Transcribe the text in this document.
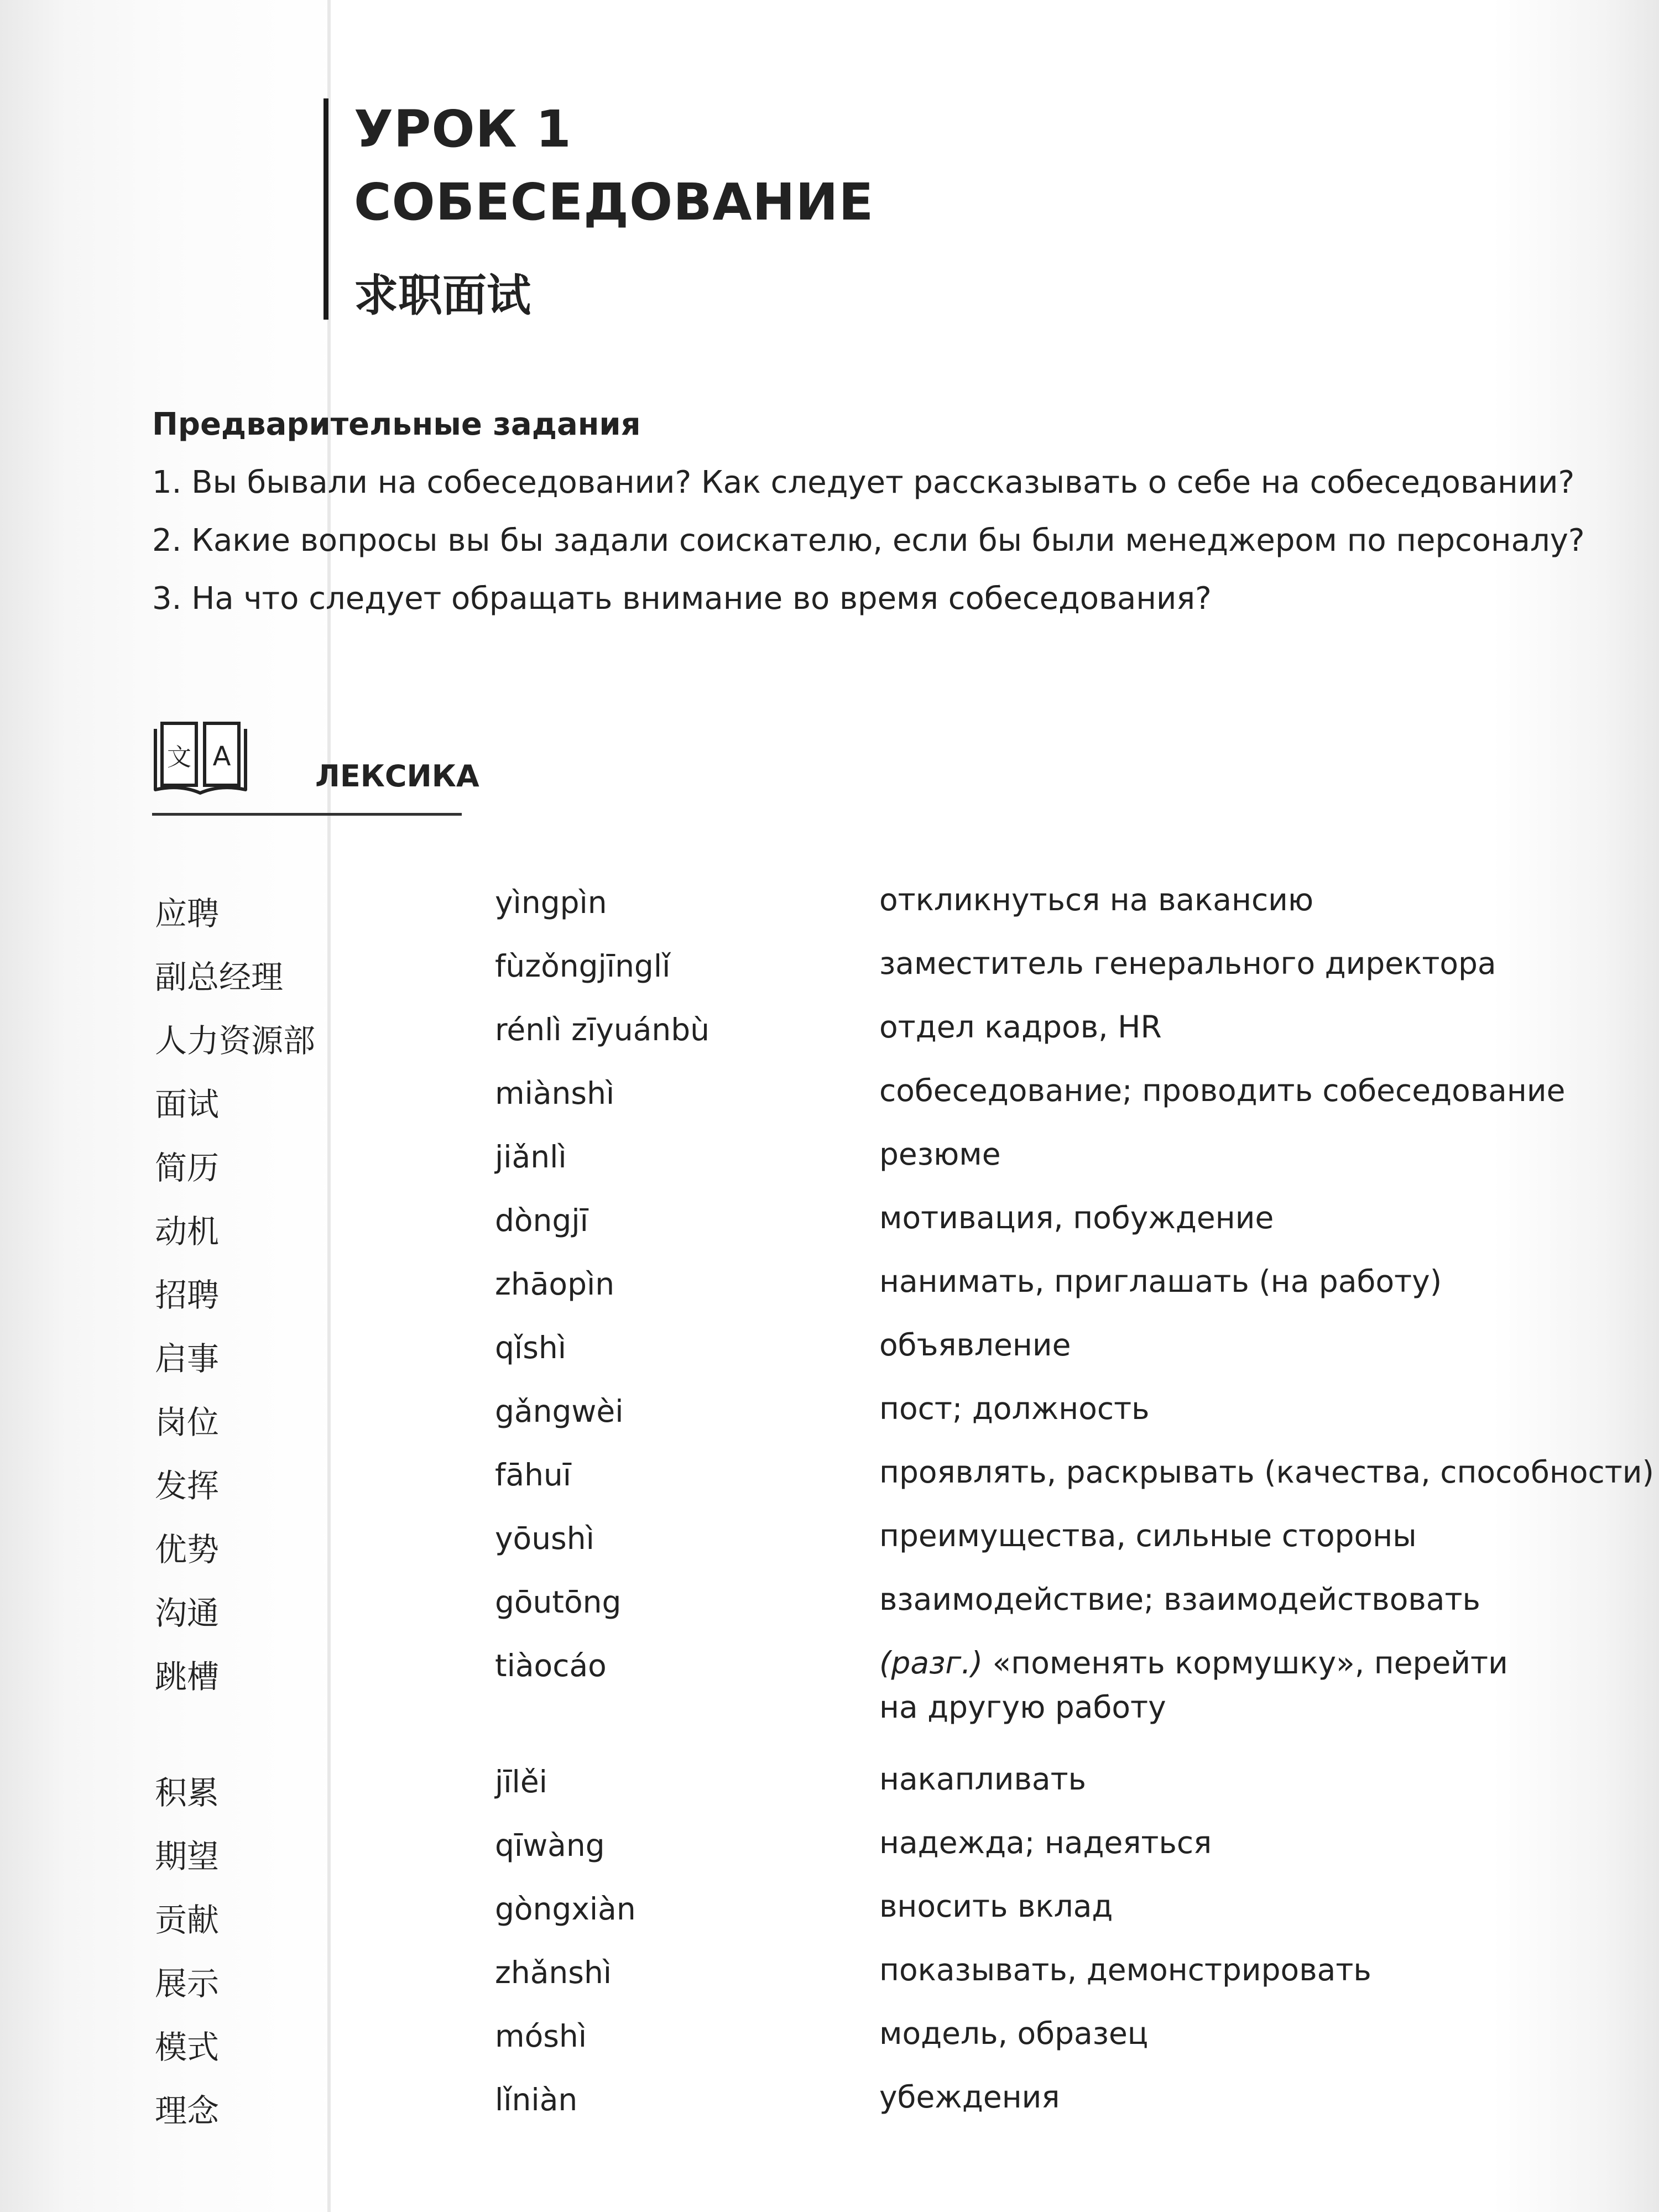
УРОК 1
СОБЕСЕДОВАНИЕ
求职面试
Предварительные задания
1. Вы бывали на собеседовании? Как следует рассказывать о себе на собеседовании?
2. Какие вопросы вы бы задали соискателю, если бы были менеджером по персоналу?
3. На что следует обращать внимание во время собеседования?
文 A
ЛЕКСИКА
应聘	yìngpìn	откликнуться на вакансию
副总经理	fùzǒngjīnglǐ	заместитель генерального директора
人力资源部	rénlì zīyuánbù	отдел кадров, HR
面试	miànshì	собеседование; проводить собеседование
简历	jiǎnlì	резюме
动机	dòngjī	мотивация, побуждение
招聘	zhāopìn	нанимать, приглашать (на работу)
启事	qǐshì	объявление
岗位	gǎngwèi	пост; должность
发挥	fāhuī	проявлять, раскрывать (качества, способности)
优势	yōushì	преимущества, сильные стороны
沟通	gōutōng	взаимодействие; взаимодействовать
跳槽	tiàocáo	(разг.) «поменять кормушку», перейти
на другую работу
积累	jīlěi	накапливать
期望	qīwàng	надежда; надеяться
贡献	gòngxiàn	вносить вклад
展示	zhǎnshì	показывать, демонстрировать
模式	móshì	модель, образец
理念	lǐniàn	убеждения
